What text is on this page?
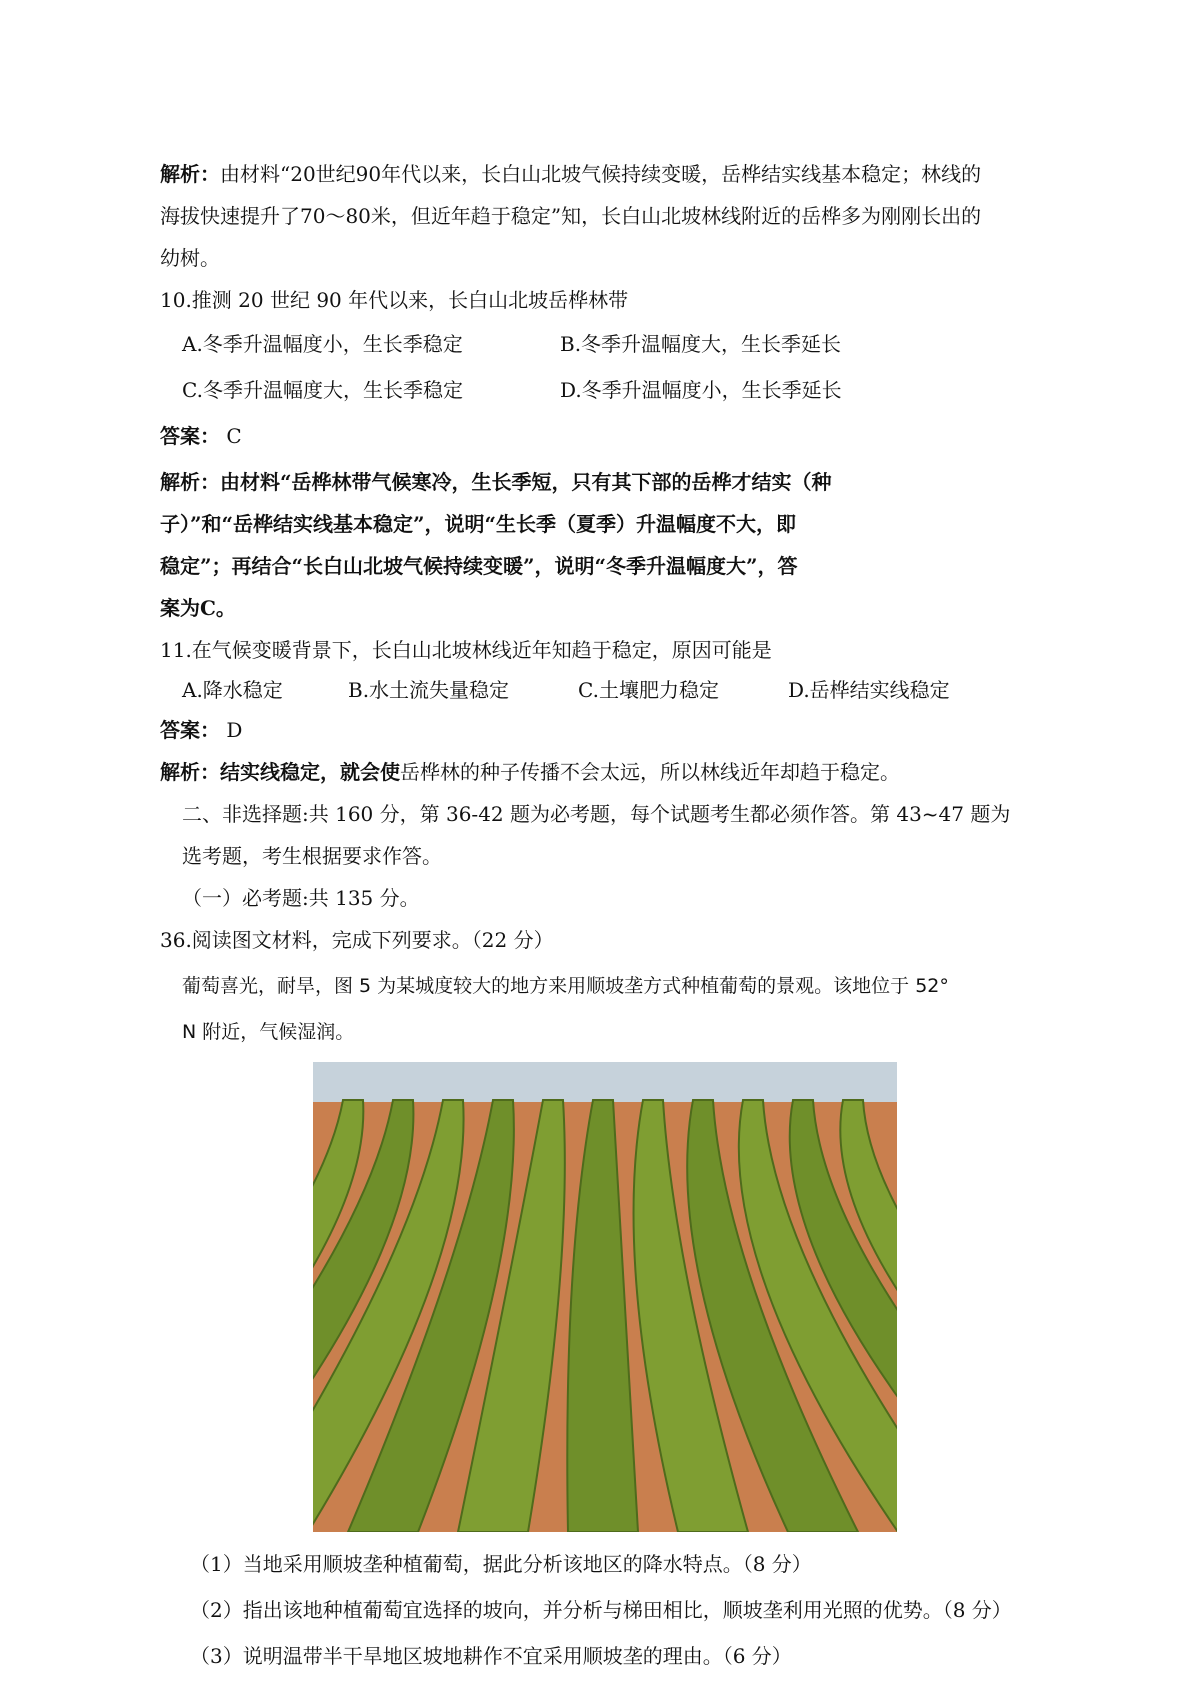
解析：由材料“20世纪90年代以来，长白山北坡气候持续变暖，岳桦结实线基本稳定；林线的
海拔快速提升了70～80米，但近年趋于稳定”知，长白山北坡林线附近的岳桦多为刚刚长出的
幼树。
10.推测 20 世纪 90 年代以来，长白山北坡岳桦林带
A.冬季升温幅度小，生长季稳定	B.冬季升温幅度大，生长季延长
C.冬季升温幅度大，生长季稳定	D.冬季升温幅度小，生长季延长
答案： C
解析：由材料“岳桦林带气候寒冷，生长季短，只有其下部的岳桦才结实（种
子）”和“岳桦结实线基本稳定”，说明“生长季（夏季）升温幅度不大，即
稳定”；再结合“长白山北坡气候持续变暖”，说明“冬季升温幅度大”，答
案为C。
11.在气候变暖背景下，长白山北坡林线近年知趋于稳定，原因可能是
A.降水稳定	B.水土流失量稳定	C.土壤肥力稳定	D.岳桦结实线稳定
答案： D
解析：结实线稳定，就会使岳桦林的种子传播不会太远，所以林线近年却趋于稳定。
二、非选择题:共 160 分，第 36-42 题为必考题，每个试题考生都必须作答。第 43~47 题为
选考题，考生根据要求作答。
（一）必考题:共 135 分。
36.阅读图文材料，完成下列要求。（22 分）
葡萄喜光，耐旱，图 5 为某城度较大的地方来用顺坡垄方式种植葡萄的景观。该地位于 52°
N 附近，气候湿润。
（1）当地采用顺坡垄种植葡萄，据此分析该地区的降水特点。（8 分）
（2）指出该地种植葡萄宜选择的坡向，并分析与梯田相比，顺坡垄利用光照的优势。（8 分）
（3）说明温带半干旱地区坡地耕作不宜采用顺坡垄的理由。（6 分）
